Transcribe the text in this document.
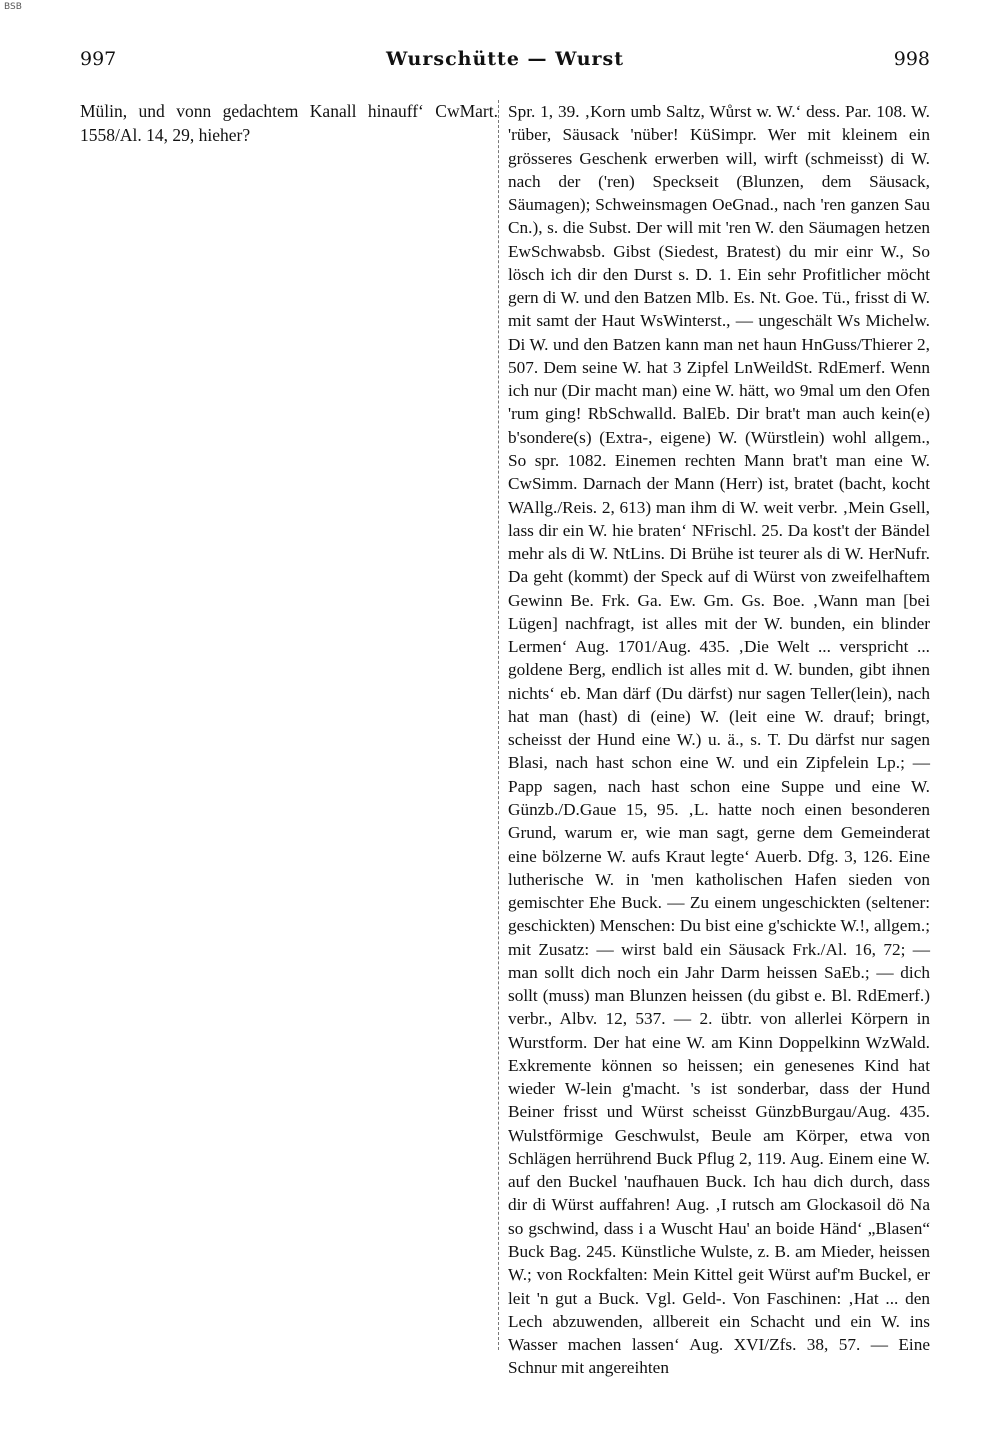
BSB
997	Wurschütte — Wurst	998

Mülin, und vonn gedachtem Kanall hinauff‘ CwMart. 1558/Al. 14, 29, hieher?

Spr. 1, 39. ‚Korn umb Saltz, Wůrst w. W.‘ dess. Par. 108. W. 'rüber, Säusack 'nüber! KüSimpr. Wer mit kleinem ein grösseres Geschenk erwerben will, wirft (schmeisst) di W. nach der ('ren) Speckseit (Blunzen, dem Säusack, Säumagen); Schweinsmagen OeGnad., nach 'ren ganzen Sau Cn.), s. die Subst. Der will mit 'ren W. den Säumagen hetzen EwSchwabsb. Gibst (Siedest, Bratest) du mir einr W., So lösch ich dir den Durst s. D. 1. Ein sehr Profitlicher möcht gern di W. und den Batzen Mlb. Es. Nt. Goe. Tü., frisst di W. mit samt der Haut WsWinterst., — ungeschält Ws Michelw. Di W. und den Batzen kann man net haun HnGuss/Thierer 2, 507. Dem seine W. hat 3 Zipfel LnWeildSt. RdEmerf. Wenn ich nur (Dir macht man) eine W. hätt, wo 9mal um den Ofen 'rum ging! RbSchwalld. BalEb. Dir brat't man auch kein(e) b'sondere(s) (Extra-, eigene) W. (Würstlein) wohl allgem., So spr. 1082. Einemen rechten Mann brat't man eine W. CwSimm. Darnach der Mann (Herr) ist, bratet (bacht, kocht WAllg./Reis. 2, 613) man ihm di W. weit verbr. ‚Mein Gsell, lass dir ein W. hie braten‘ NFrischl. 25. Da kost't der Bändel mehr als di W. NtLins. Di Brühe ist teurer als di W. HerNufr. Da geht (kommt) der Speck auf di Würst von zweifelhaftem Gewinn Be. Frk. Ga. Ew. Gm. Gs. Boe. ‚Wann man [bei Lügen] nachfragt, ist alles mit der W. bunden, ein blinder Lermen‘ Aug. 1701/Aug. 435. ‚Die Welt ... verspricht ... goldene Berg, endlich ist alles mit d. W. bunden, gibt ihnen nichts‘ eb. Man därf (Du därfst) nur sagen Teller(lein), nach hat man (hast) di (eine) W. (leit eine W. drauf; bringt, scheisst der Hund eine W.) u. ä., s. T. Du därfst nur sagen Blasi, nach hast schon eine W. und ein Zipfelein Lp.; — Papp sagen, nach hast schon eine Suppe und eine W. Günzb./D.Gaue 15, 95. ‚L. hatte noch einen besonderen Grund, warum er, wie man sagt, gerne dem Gemeinderat eine bölzerne W. aufs Kraut legte‘ Auerb. Dfg. 3, 126. Eine lutherische W. in 'men katholischen Hafen sieden von gemischter Ehe Buck. — Zu einem ungeschickten (seltener: geschickten) Menschen: Du bist eine g'schickte W.!, allgem.; mit Zusatz: — wirst bald ein Säusack Frk./Al. 16, 72; — man sollt dich noch ein Jahr Darm heissen SaEb.; — dich sollt (muss) man Blunzen heissen (du gibst e. Bl. RdEmerf.) verbr., Albv. 12, 537. — 2. übtr. von allerlei Körpern in Wurstform. Der hat eine W. am Kinn Doppelkinn WzWald. Exkremente können so heissen; ein genesenes Kind hat wieder W-lein g'macht. 's ist sonderbar, dass der Hund Beiner frisst und Würst scheisst GünzbBurgau/Aug. 435. Wulstförmige Geschwulst, Beule am Körper, etwa von Schlägen herrührend Buck Pflug 2, 119. Aug. Einem eine W. auf den Buckel 'naufhauen Buck. Ich hau dich durch, dass dir di Würst auffahren! Aug. ‚I rutsch am Glockasoil dö Na so gschwind, dass i a Wuscht Hau' an boide Händ‘ „Blasen“ Buck Bag. 245. Künstliche Wulste, z. B. am Mieder, heissen W.; von Rockfalten: Mein Kittel geit Würst auf'm Buckel, er leit 'n gut a Buck. Vgl. Geld-. Von Faschinen: ‚Hat ... den Lech abzuwenden, allbereit ein Schacht und ein W. ins Wasser machen lassen‘ Aug. XVI/Zfs. 38, 57. — Eine Schnur mit angereihten
